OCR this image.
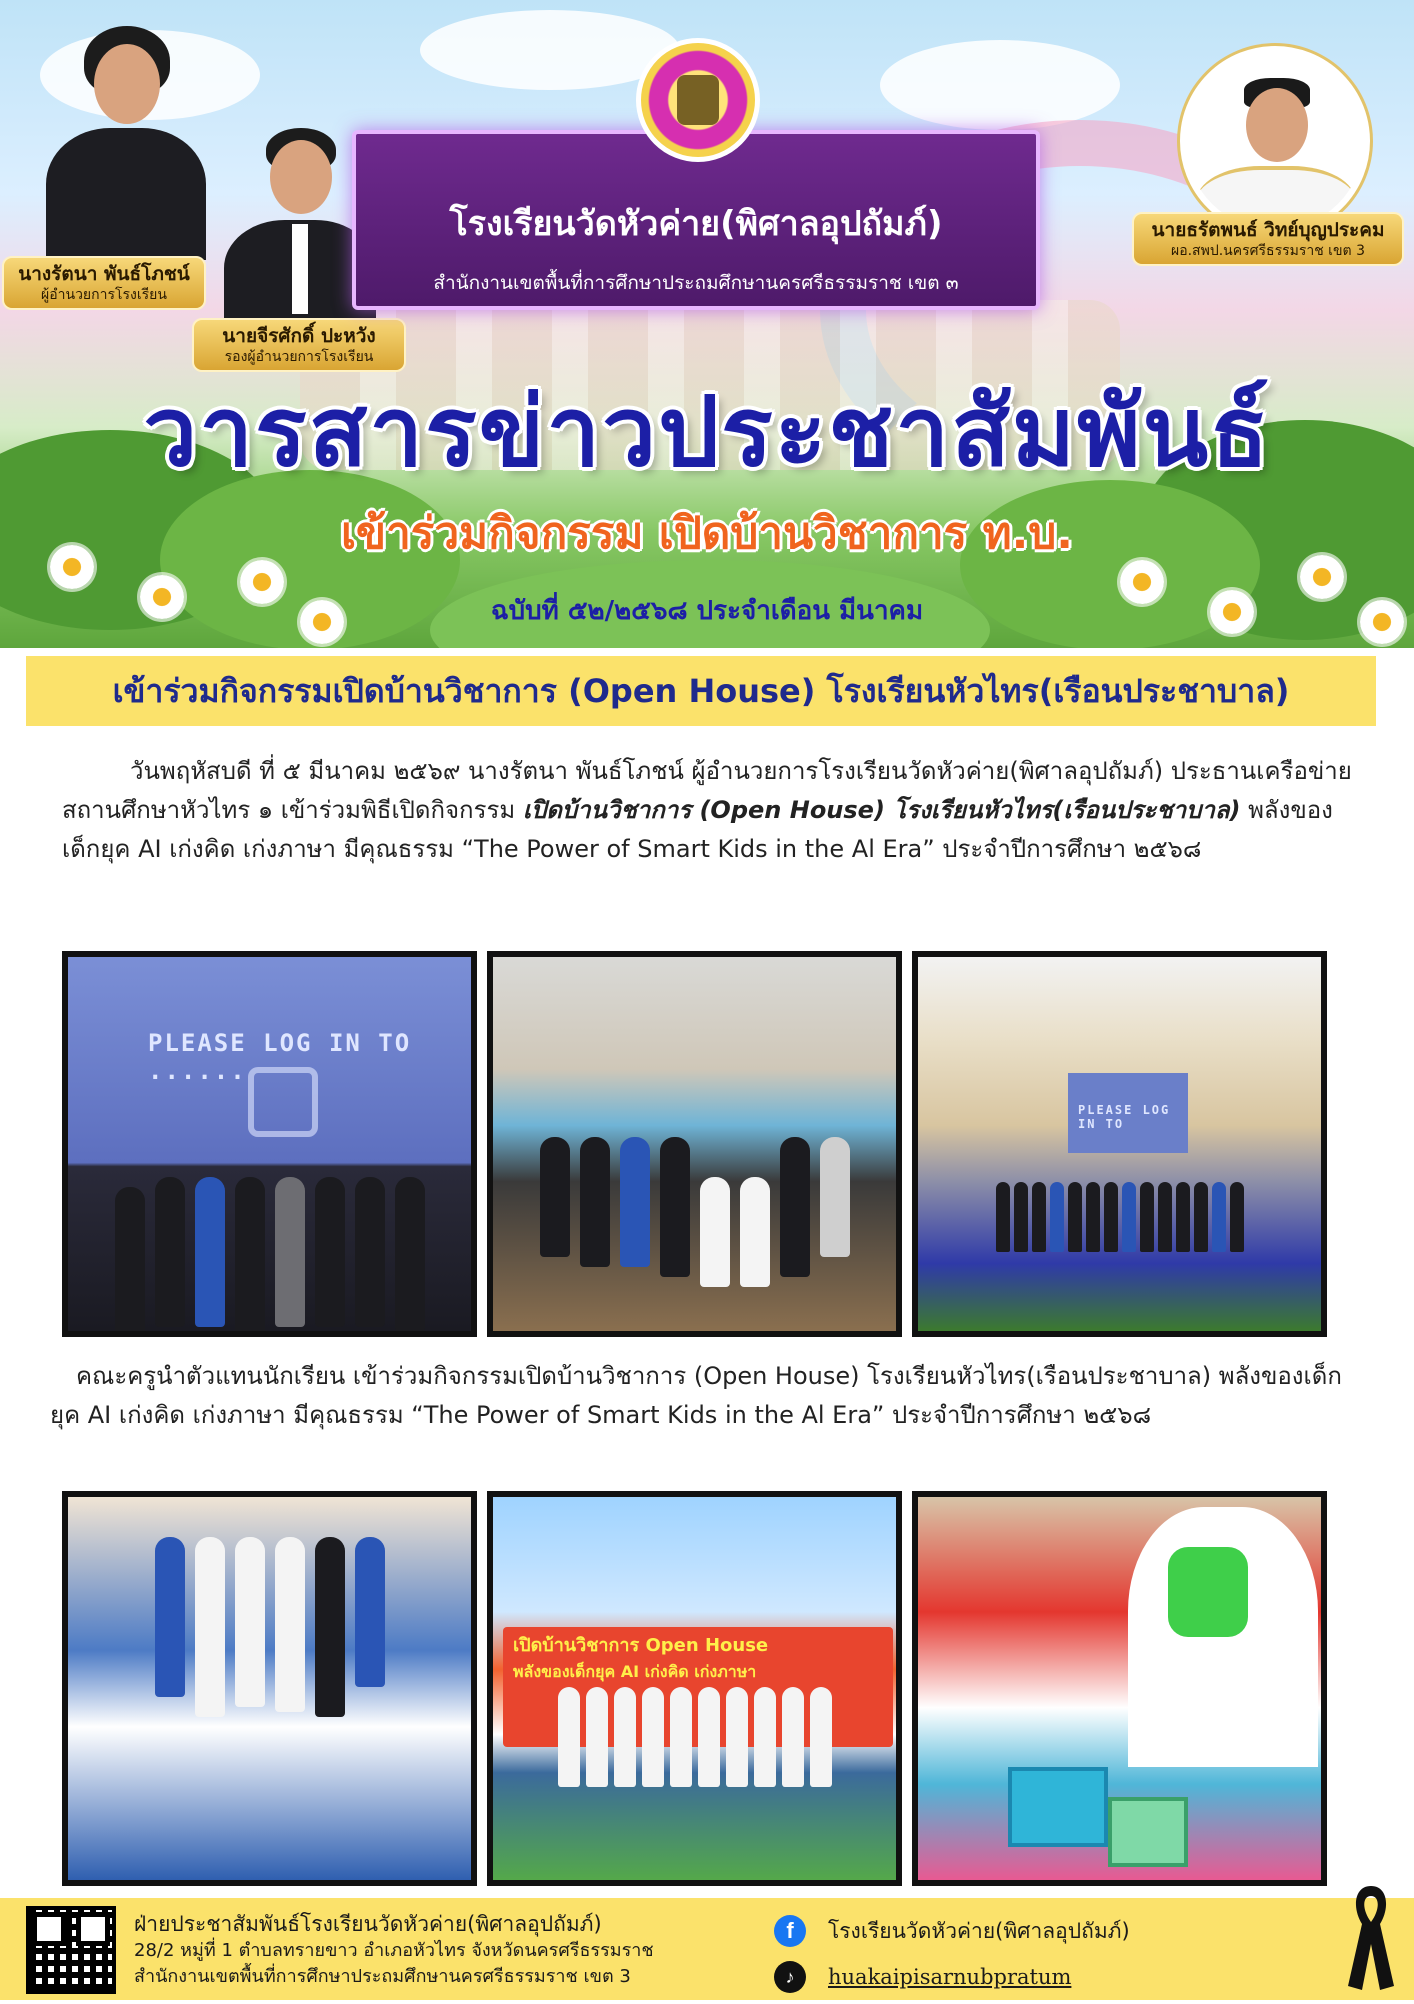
นางรัตนา พันธ์โภชน์
ผู้อำนวยการโรงเรียน
นายจีรศักดิ์ ปะหวัง
รองผู้อำนวยการโรงเรียน
โรงเรียนวัดหัวค่าย(พิศาลอุปถัมภ์)
สำนักงานเขตพื้นที่การศึกษาประถมศึกษานครศรีธรรมราช เขต ๓
นายธรัตพนธ์ วิทย์บุญประคม
ผอ.สพป.นครศรีธรรมราช เขต 3
วารสารข่าวประชาสัมพันธ์
เข้าร่วมกิจกรรม เปิดบ้านวิชาการ ท.บ.
ฉบับที่ ๕๒/๒๕๖๘ ประจำเดือน มีนาคม
เข้าร่วมกิจกรรมเปิดบ้านวิชาการ (Open House) โรงเรียนหัวไทร(เรือนประชาบาล)
วันพฤหัสบดี ที่ ๕ มีนาคม ๒๕๖๙ นางรัตนา พันธ์โภชน์ ผู้อำนวยการโรงเรียนวัดหัวค่าย(พิศาลอุปถัมภ์) ประธานเครือข่ายสถานศึกษาหัวไทร ๑ เข้าร่วมพิธีเปิดกิจกรรม เปิดบ้านวิชาการ (Open House) โรงเรียนหัวไทร(เรือนประชาบาล) พลังของเด็กยุค AI เก่งคิด เก่งภาษา มีคุณธรรม “The Power of Smart Kids in the Al Era” ประจำปีการศึกษา ๒๕๖๘
PLEASE LOG IN TO ......
PLEASE LOG IN TO
คณะครูนำตัวแทนนักเรียน เข้าร่วมกิจกรรมเปิดบ้านวิชาการ (Open House) โรงเรียนหัวไทร(เรือนประชาบาล) พลังของเด็กยุค AI เก่งคิด เก่งภาษา มีคุณธรรม “The Power of Smart Kids in the Al Era” ประจำปีการศึกษา ๒๕๖๘
เปิดบ้านวิชาการ Open House
พลังของเด็กยุค AI เก่งคิด เก่งภาษา
ฝ่ายประชาสัมพันธ์โรงเรียนวัดหัวค่าย(พิศาลอุปถัมภ์)
28/2 หมู่ที่ 1 ตำบลทรายขาว อำเภอหัวไทร จังหวัดนครศรีธรรมราช
สำนักงานเขตพื้นที่การศึกษาประถมศึกษานครศรีธรรมราช เขต 3
f	โรงเรียนวัดหัวค่าย(พิศาลอุปถัมภ์)
♪	huakaipisarnubpratum
